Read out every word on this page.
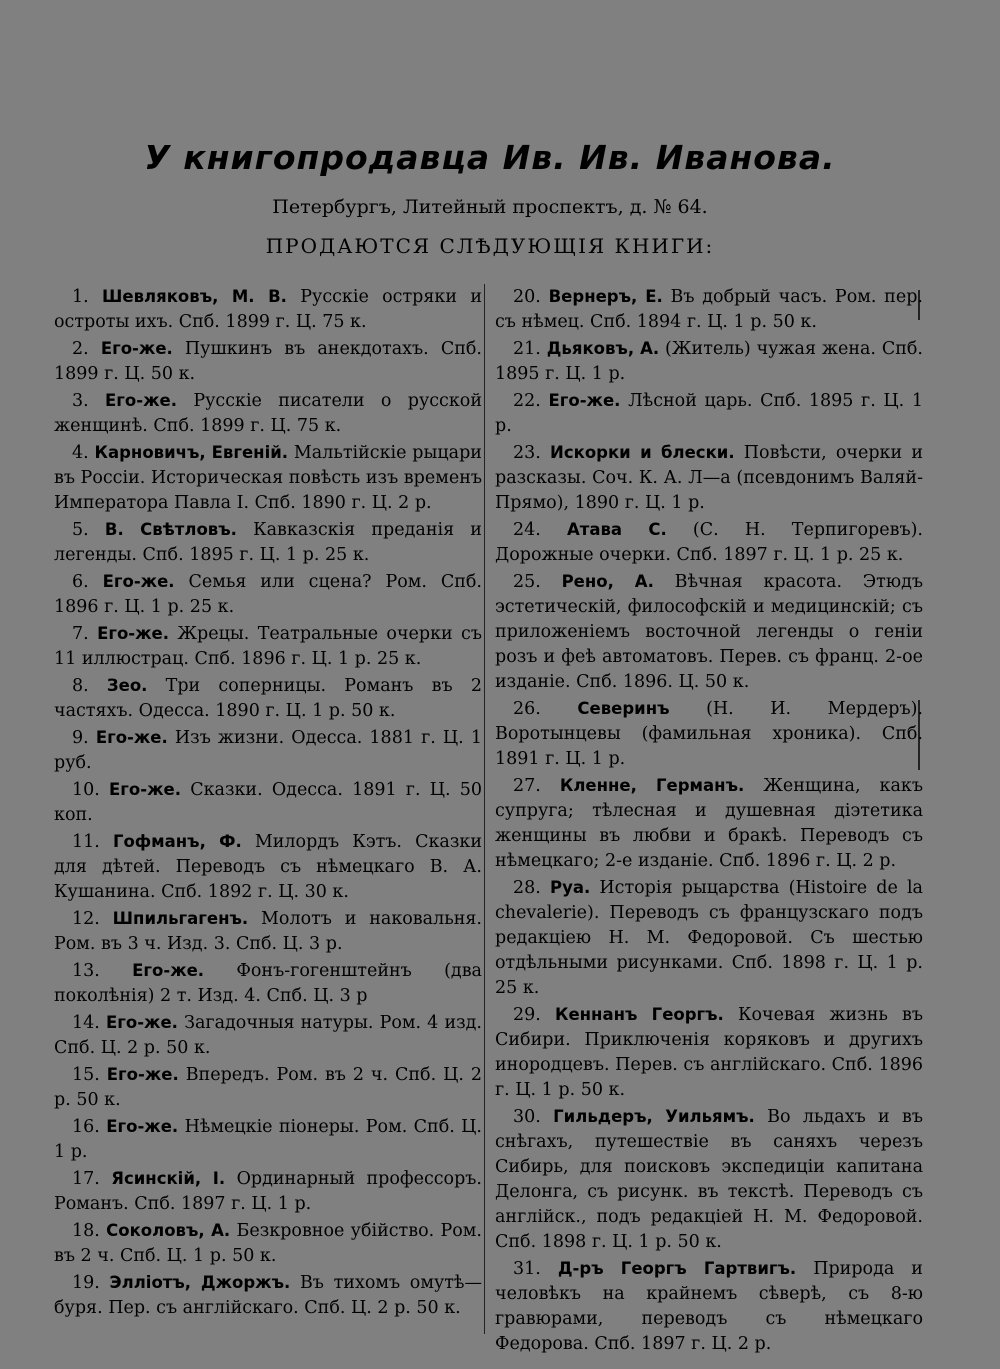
У книгопродавца Ив. Ив. Иванова.
Петербургъ, Литейный проспектъ, д. № 64.
ПРОДАЮТСЯ СЛѢДУЮЩІЯ КНИГИ:

1. Шевляковъ, М. В. Русскіе остряки и остроты ихъ. Спб. 1899 г. Ц. 75 к.

2. Его-же. Пушкинъ въ анекдотахъ. Спб. 1899 г. Ц. 50 к.

3. Его-же. Русскіе писатели о русской женщинѣ. Спб. 1899 г. Ц. 75 к.

4. Карновичъ, Евгеній. Мальтійскіе рыцари въ Россіи. Историческая повѣсть изъ временъ Императора Павла I. Спб. 1890 г. Ц. 2 р.

5. В. Свѣтловъ. Кавказскія преданія и легенды. Спб. 1895 г. Ц. 1 р. 25 к.

6. Его-же. Семья или сцена? Ром. Спб. 1896 г. Ц. 1 р. 25 к.

7. Его-же. Жрецы. Театральные очерки съ 11 иллюстрац. Спб. 1896 г. Ц. 1 р. 25 к.

8. Зео. Три соперницы. Романъ въ 2 частяхъ. Одесса. 1890 г. Ц. 1 р. 50 к.

9. Его-же. Изъ жизни. Одесса. 1881 г. Ц. 1 руб.

10. Его-же. Сказки. Одесса. 1891 г. Ц. 50 коп.

11. Гофманъ, Ф. Милордъ Кэтъ. Сказки для дѣтей. Переводъ съ нѣмецкаго В. А. Кушанина. Спб. 1892 г. Ц. 30 к.

12. Шпильгагенъ. Молотъ и наковальня. Ром. въ 3 ч. Изд. 3. Спб. Ц. 3 р.

13. Его-же. Фонъ-гогенштейнъ (два поколѣнія) 2 т. Изд. 4. Спб. Ц. 3 р

14. Его-же. Загадочныя натуры. Ром. 4 изд. Спб. Ц. 2 р. 50 к.

15. Его-же. Впередъ. Ром. въ 2 ч. Спб. Ц. 2 р. 50 к.

16. Его-же. Нѣмецкіе піонеры. Ром. Спб. Ц. 1 р.

17. Ясинскій, І. Ординарный профессоръ. Романъ. Спб. 1897 г. Ц. 1 р.

18. Соколовъ, А. Безкровное убійство. Ром. въ 2 ч. Спб. Ц. 1 р. 50 к.

19. Эллiотъ, Джоржъ. Въ тихомъ омутѣ—буря. Пер. съ англійскаго. Спб. Ц. 2 р. 50 к.

20. Вернеръ, Е. Въ добрый часъ. Ром. пер. съ нѣмец. Спб. 1894 г. Ц. 1 р. 50 к.

21. Дьяковъ, А. (Житель) чужая жена. Спб. 1895 г. Ц. 1 р.

22. Его-же. Лѣсной царь. Спб. 1895 г. Ц. 1 р.

23. Искорки и блески. Повѣсти, очерки и разсказы. Соч. К. А. Л—а (псевдонимъ Валяй-Прямо), 1890 г. Ц. 1 р.

24. Атава С. (С. Н. Терпигоревъ). Дорожные очерки. Спб. 1897 г. Ц. 1 р. 25 к.

25. Рено, А. Вѣчная красота. Этюдъ эстетическій, философскій и медицинскій; съ приложеніемъ восточной легенды о геніи розъ и феѣ автоматовъ. Перев. съ франц. 2-ое изданіе. Спб. 1896. Ц. 50 к.

26. Северинъ (Н. И. Мердеръ). Воротынцевы (фамильная хроника). Спб. 1891 г. Ц. 1 р.

27. Кленне, Германъ. Женщина, какъ супруга; тѣлесная и душевная діэтетика женщины въ любви и бракѣ. Переводъ съ нѣмецкаго; 2-е изданіе. Спб. 1896 г. Ц. 2 р.

28. Руа. Исторія рыцарства (Histoire de la chevalerie). Переводъ съ французскаго подъ редакціею Н. М. Федоровой. Съ шестью отдѣльными рисунками. Спб. 1898 г. Ц. 1 р. 25 к.

29. Кеннанъ Георгъ. Кочевая жизнь въ Сибири. Приключенія коряковъ и другихъ инородцевъ. Перев. съ англійскаго. Спб. 1896 г. Ц. 1 р. 50 к.

30. Гильдеръ, Уильямъ. Во льдахъ и въ снѣгахъ, путешествіе въ саняхъ черезъ Сибирь, для поисковъ экспедиціи капитана Делонга, съ рисунк. въ текстѣ. Переводъ съ англійск., подъ редакціей Н. М. Федоровой. Спб. 1898 г. Ц. 1 р. 50 к.

31. Д-ръ Георгъ Гартвигъ. Природа и человѣкъ на крайнемъ сѣверѣ, съ 8-ю гравюрами, переводъ съ нѣмецкаго Федорова. Спб. 1897 г. Ц. 2 р.
